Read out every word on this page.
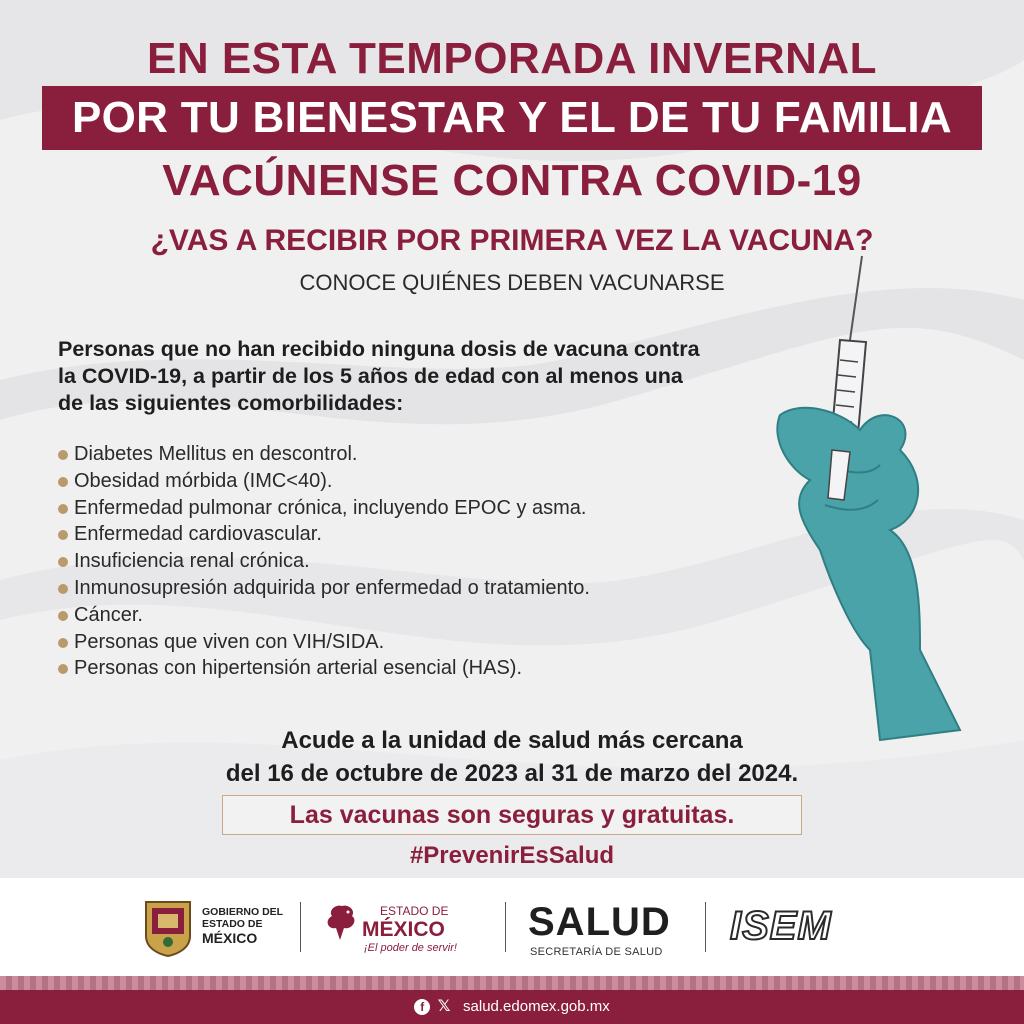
EN ESTA TEMPORADA INVERNAL
POR TU BIENESTAR Y EL DE TU FAMILIA
VACÚNENSE CONTRA COVID-19
¿VAS A RECIBIR POR PRIMERA VEZ LA VACUNA?
CONOCE QUIÉNES DEBEN VACUNARSE
Personas que no han recibido ninguna dosis de vacuna contra
la COVID-19, a partir de los 5 años de edad con al menos una
de las siguientes comorbilidades:
Diabetes Mellitus en descontrol.
Obesidad mórbida (IMC<40).
Enfermedad pulmonar crónica, incluyendo EPOC y asma.
Enfermedad cardiovascular.
Insuficiencia renal crónica.
Inmunosupresión adquirida por enfermedad o tratamiento.
Cáncer.
Personas que viven con VIH/SIDA.
Personas con hipertensión arterial esencial (HAS).
Acude a la unidad de salud más cercana
del 16 de octubre de 2023 al 31 de marzo del 2024.
Las vacunas son seguras y gratuitas.
#PrevenirEsSalud
GOBIERNO DEL
ESTADO DE
MÉXICO
ESTADO DE
MÉXICO
¡El poder de servir!
SALUD
SECRETARÍA DE SALUD
ISEM
f 𝕏 salud.edomex.gob.mx
